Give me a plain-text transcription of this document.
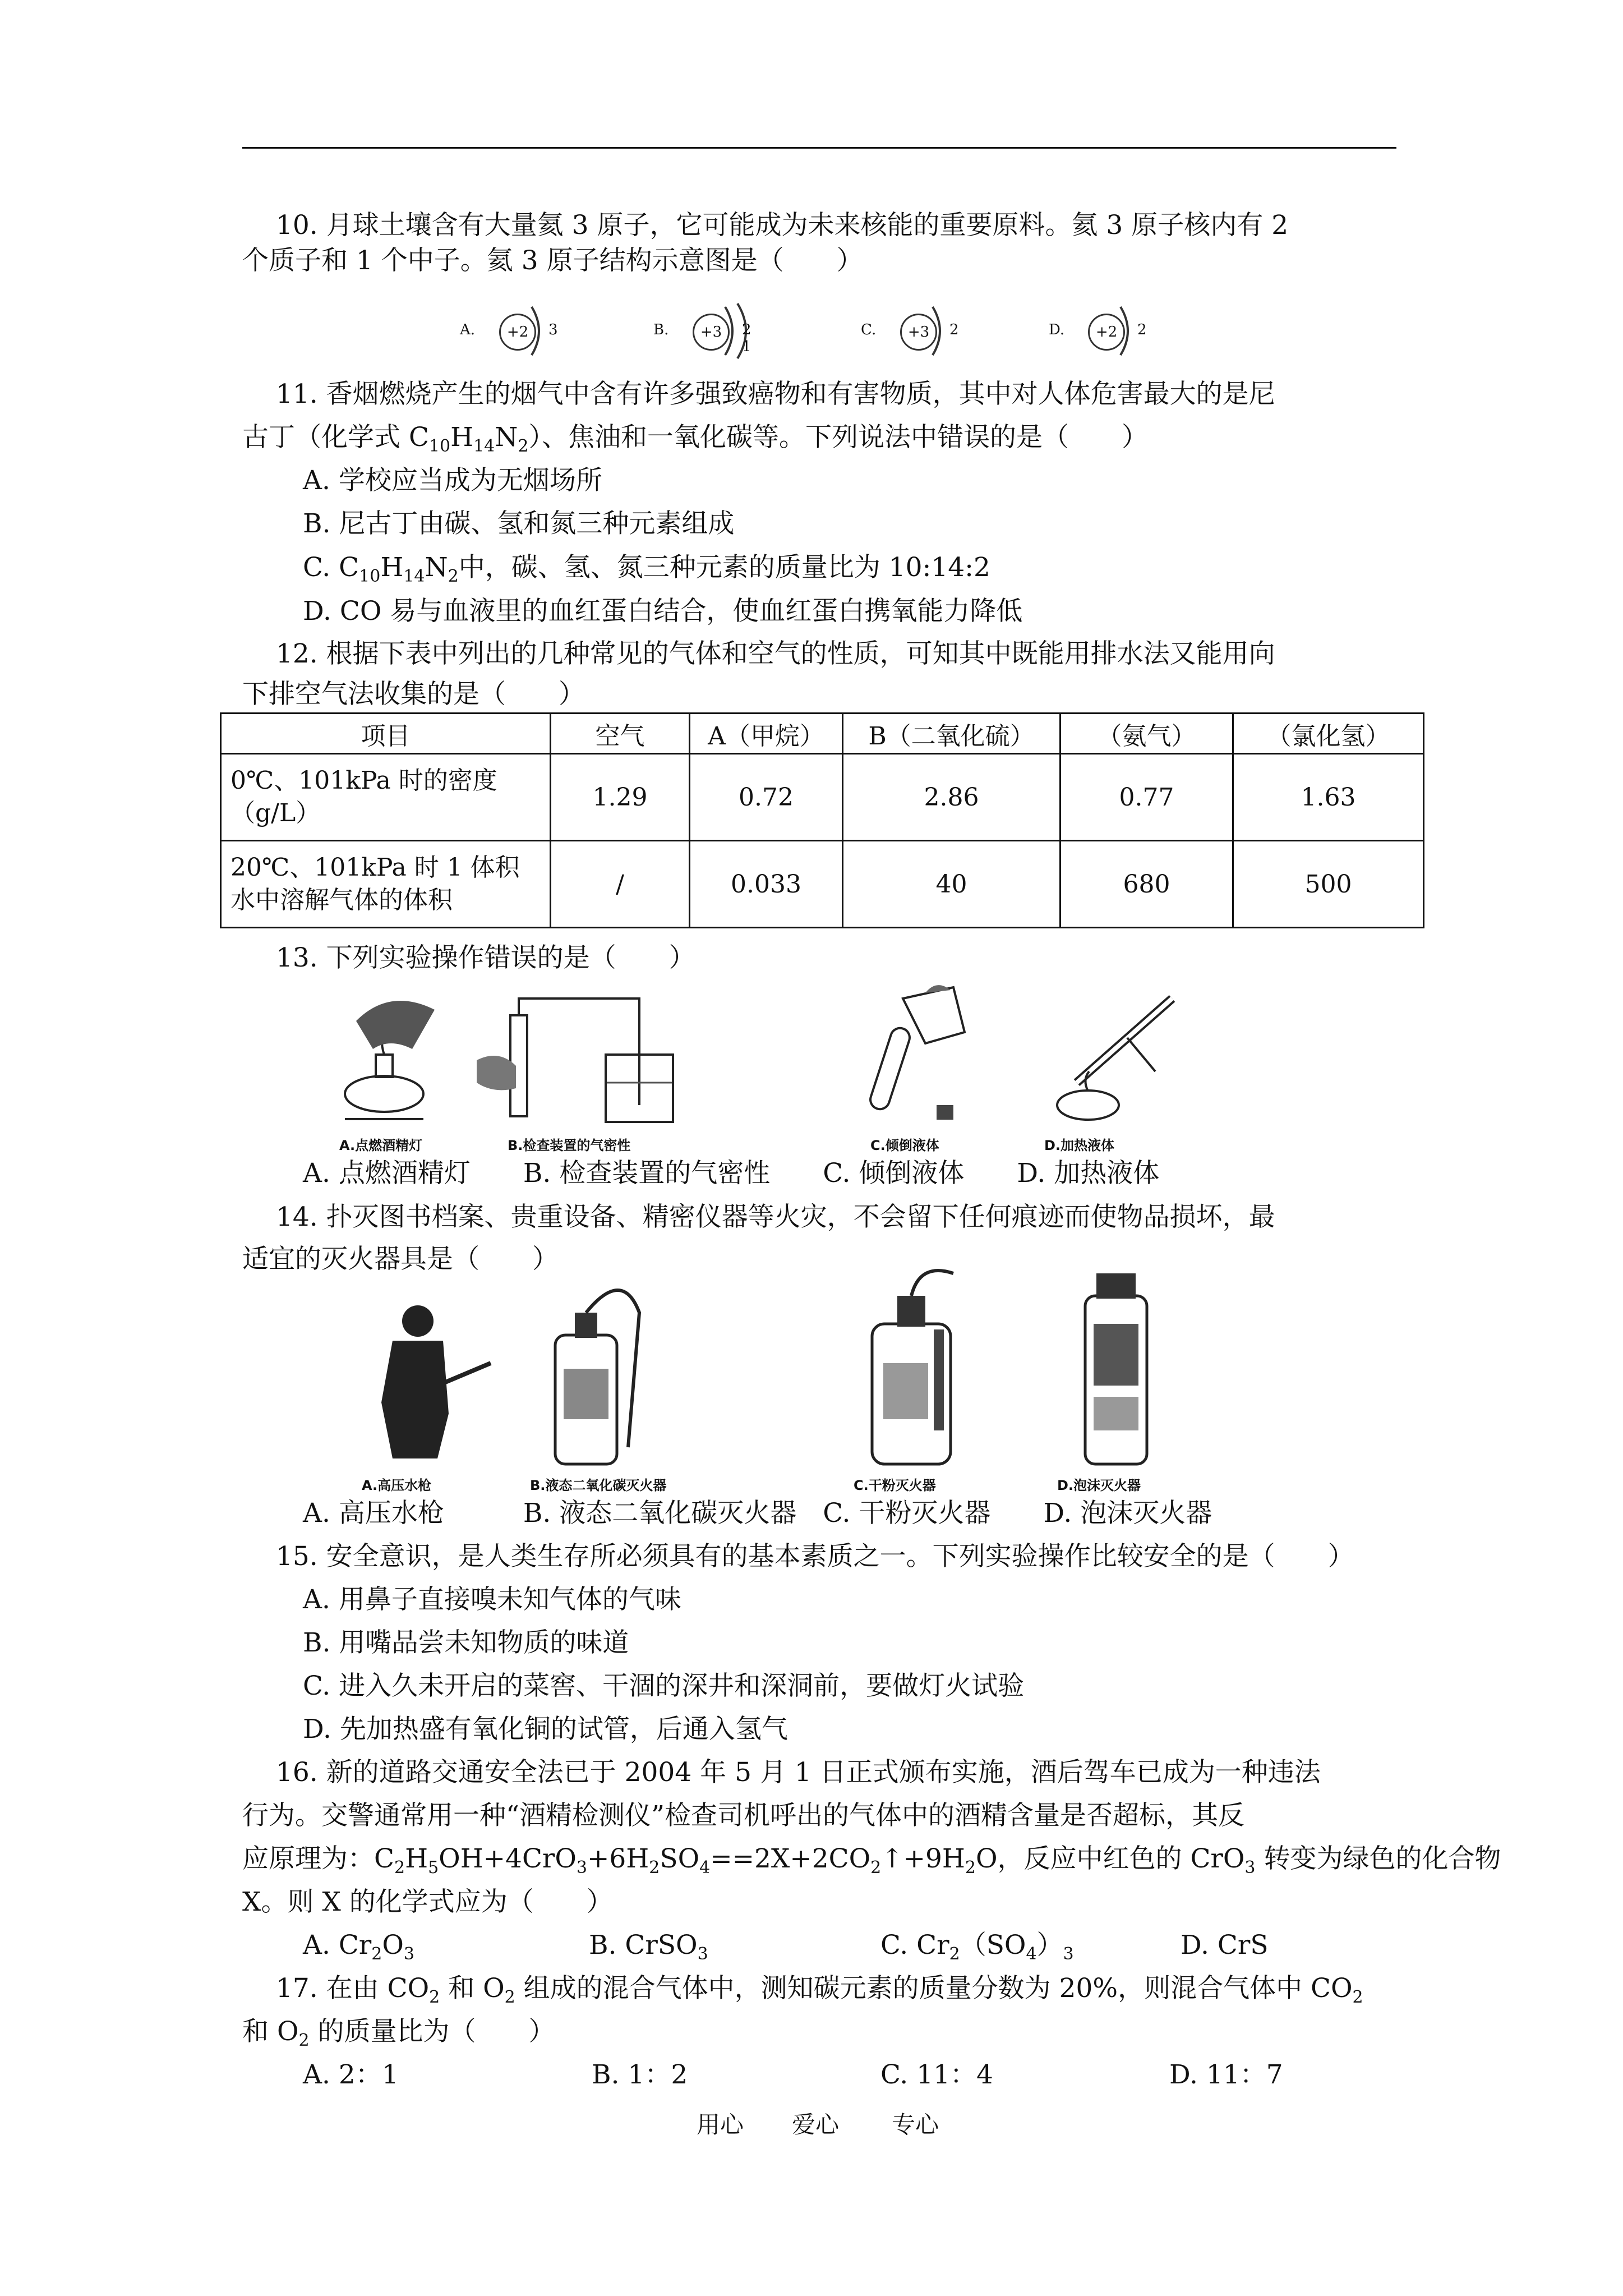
10. 月球土壤含有大量氦 3 原子，它可能成为未来核能的重要原料。氦 3 原子核内有 2
个质子和 1 个中子。氦 3 原子结构示意图是（　　）
A.	+2	3	B.	+3	2 1
C.	+3	2	D.	+2	2
11. 香烟燃烧产生的烟气中含有许多强致癌物和有害物质，其中对人体危害最大的是尼
古丁（化学式 $C_{10}H_{14}N_2$）、焦油和一氧化碳等。下列说法中错误的是（　　）
A. 学校应当成为无烟场所
B. 尼古丁由碳、氢和氮三种元素组成
C. $C_{10}H_{14}N_2$中，碳、氢、氮三种元素的质量比为 10:14:2
D. CO 易与血液里的血红蛋白结合，使血红蛋白携氧能力降低
12. 根据下表中列出的几种常见的气体和空气的性质，可知其中既能用排水法又能用向
下排空气法收集的是（　　）
项目	空气	A（甲烷）	B（二氧化硫）	（氨气）	（氯化氢）

0℃、101kPa 时的密度
（g/L）	1.29	0.72	2.86	0.77	1.63

20℃、101kPa 时 1 体积
水中溶解气体的体积	/	0.033	40	680	500
13. 下列实验操作错误的是（　　）
A.点燃酒精灯	B.检查装置的气密性	C.倾倒液体	D.加热液体
A. 点燃酒精灯　　B. 检查装置的气密性　　C. 倾倒液体　　D. 加热液体
14. 扑灭图书档案、贵重设备、精密仪器等火灾，不会留下任何痕迹而使物品损坏，最
适宜的灭火器具是（　　）
A.高压水枪	B.液态二氧化碳灭火器	C.干粉灭火器	D.泡沫灭火器
A. 高压水枪　　　B. 液态二氧化碳灭火器　C. 干粉灭火器　　D. 泡沫灭火器
15. 安全意识，是人类生存所必须具有的基本素质之一。下列实验操作比较安全的是（　　）
A. 用鼻子直接嗅未知气体的气味
B. 用嘴品尝未知物质的味道
C. 进入久未开启的菜窖、干涸的深井和深洞前，要做灯火试验
D. 先加热盛有氧化铜的试管，后通入氢气
16. 新的道路交通安全法已于 2004 年 5 月 1 日正式颁布实施，酒后驾车已成为一种违法
行为。交警通常用一种“酒精检测仪”检查司机呼出的气体中的酒精含量是否超标，其反
应原理为：$C_2H_5OH+4CrO_3+6H_2SO_4==2X+2CO_2↑+9H_2O$，反应中红色的 CrO$_3$ 转变为绿色的化合物
X。则 X 的化学式应为（　　）
A. $Cr_2O_3$	B. CrSO$_3$	C. $Cr_2(SO_4)_3$	D. CrS
17. 在由 $CO_2$ 和 $O_2$ 组成的混合气体中，测知碳元素的质量分数为 20%，则混合气体中 $CO_2$
和 $O_2$ 的质量比为（　　）
A. 2：1	B. 1：2	C. 11：4	D. 11：7
用心 爱心 专心
